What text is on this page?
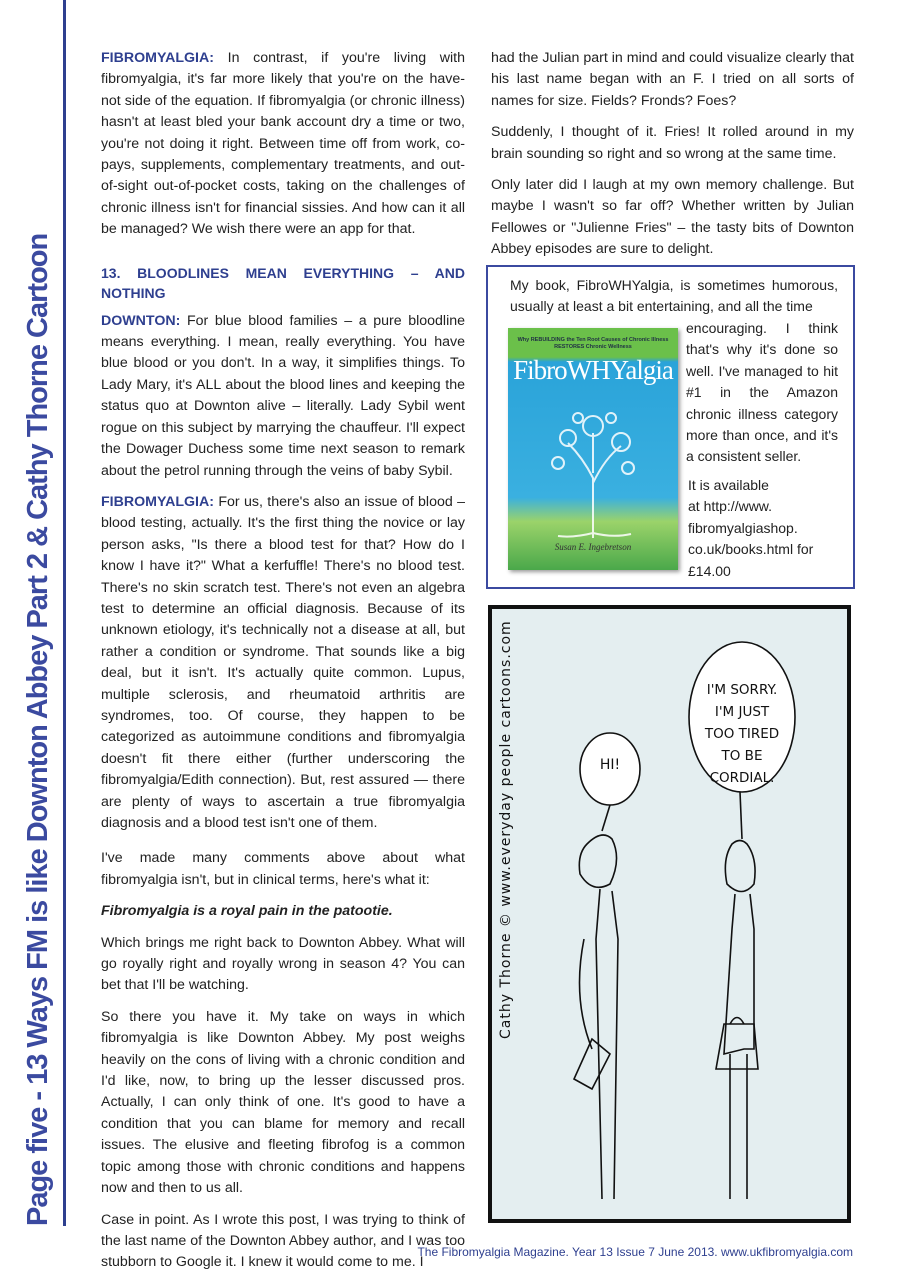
Page five - 13 Ways FM is like Downton Abbey Part 2 & Cathy Thorne Cartoon

FIBROMYALGIA: In contrast, if you're living with fibromyalgia, it's far more likely that you're on the have-not side of the equation. If fibromyalgia (or chronic illness) hasn't at least bled your bank account dry a time or two, you're not doing it right. Between time off from work, co-pays, supplements, complementary treatments, and out-of-sight out-of-pocket costs, taking on the challenges of chronic illness isn't for financial sissies. And how can it all be managed? We wish there were an app for that.

13. BLOODLINES MEAN EVERYTHING – AND NOTHING

DOWNTON: For blue blood families – a pure bloodline means everything. I mean, really everything. You have blue blood or you don't. In a way, it simplifies things. To Lady Mary, it's ALL about the blood lines and keeping the status quo at Downton alive – literally. Lady Sybil went rogue on this subject by marrying the chauffeur. I'll expect the Dowager Duchess some time next season to remark about the petrol running through the veins of baby Sybil.

FIBROMYALGIA: For us, there's also an issue of blood – blood testing, actually. It's the first thing the novice or lay person asks, "Is there a blood test for that? How do I know I have it?" What a kerfuffle! There's no blood test. There's no skin scratch test. There's not even an algebra test to determine an official diagnosis. Because of its unknown etiology, it's technically not a disease at all, but rather a condition or syndrome. That sounds like a big deal, but it isn't. It's actually quite common. Lupus, multiple sclerosis, and rheumatoid arthritis are syndromes, too. Of course, they happen to be categorized as autoimmune conditions and fibromyalgia doesn't fit there either (further underscoring the fibromyalgia/Edith connection). But, rest assured — there are plenty of ways to ascertain a true fibromyalgia diagnosis and a blood test isn't one of them.

I've made many comments above about what fibromyalgia isn't, but in clinical terms, here's what it:

Fibromyalgia is a royal pain in the patootie.

Which brings me right back to Downton Abbey. What will go royally right and royally wrong in season 4? You can bet that I'll be watching.

So there you have it. My take on ways in which fibromyalgia is like Downton Abbey. My post weighs heavily on the cons of living with a chronic condition and I'd like, now, to bring up the lesser discussed pros. Actually, I can only think of one. It's good to have a condition that you can blame for memory and recall issues. The elusive and fleeting fibrofog is a common topic among those with chronic conditions and happens now and then to us all.

Case in point. As I wrote this post, I was trying to think of the last name of the Downton Abbey author, and I was too stubborn to Google it. I knew it would come to me. I

had the Julian part in mind and could visualize clearly that his last name began with an F. I tried on all sorts of names for size. Fields? Fronds? Foes?

Suddenly, I thought of it. Fries! It rolled around in my brain sounding so right and so wrong at the same time.

Only later did I laugh at my own memory challenge. But maybe I wasn't so far off? Whether written by Julian Fellowes or "Julienne Fries" – the tasty bits of Downton Abbey episodes are sure to delight.

My book, FibroWHYalgia, is sometimes humorous, usually at least a bit entertaining, and all the time
Why REBUILDING the Ten Root Causes of Chronic Illness RESTORES Chronic Wellness
FibroWHYalgia
Susan E. Ingebretson
encouraging. I think that's why it's done so well. I've managed to hit #1 in the Amazon chronic illness category more than once, and it's a consistent seller.
It is available
at http://www.
fibromyalgiashop.
co.uk/books.html for
£14.00
Cathy Thorne © www.everyday people cartoons.com	HI!
I'M SORRY.
I'M JUST
TOO TIRED
TO BE
CORDIAL.
The Fibromyalgia Magazine. Year 13 Issue 7 June 2013. www.ukfibromyalgia.com
